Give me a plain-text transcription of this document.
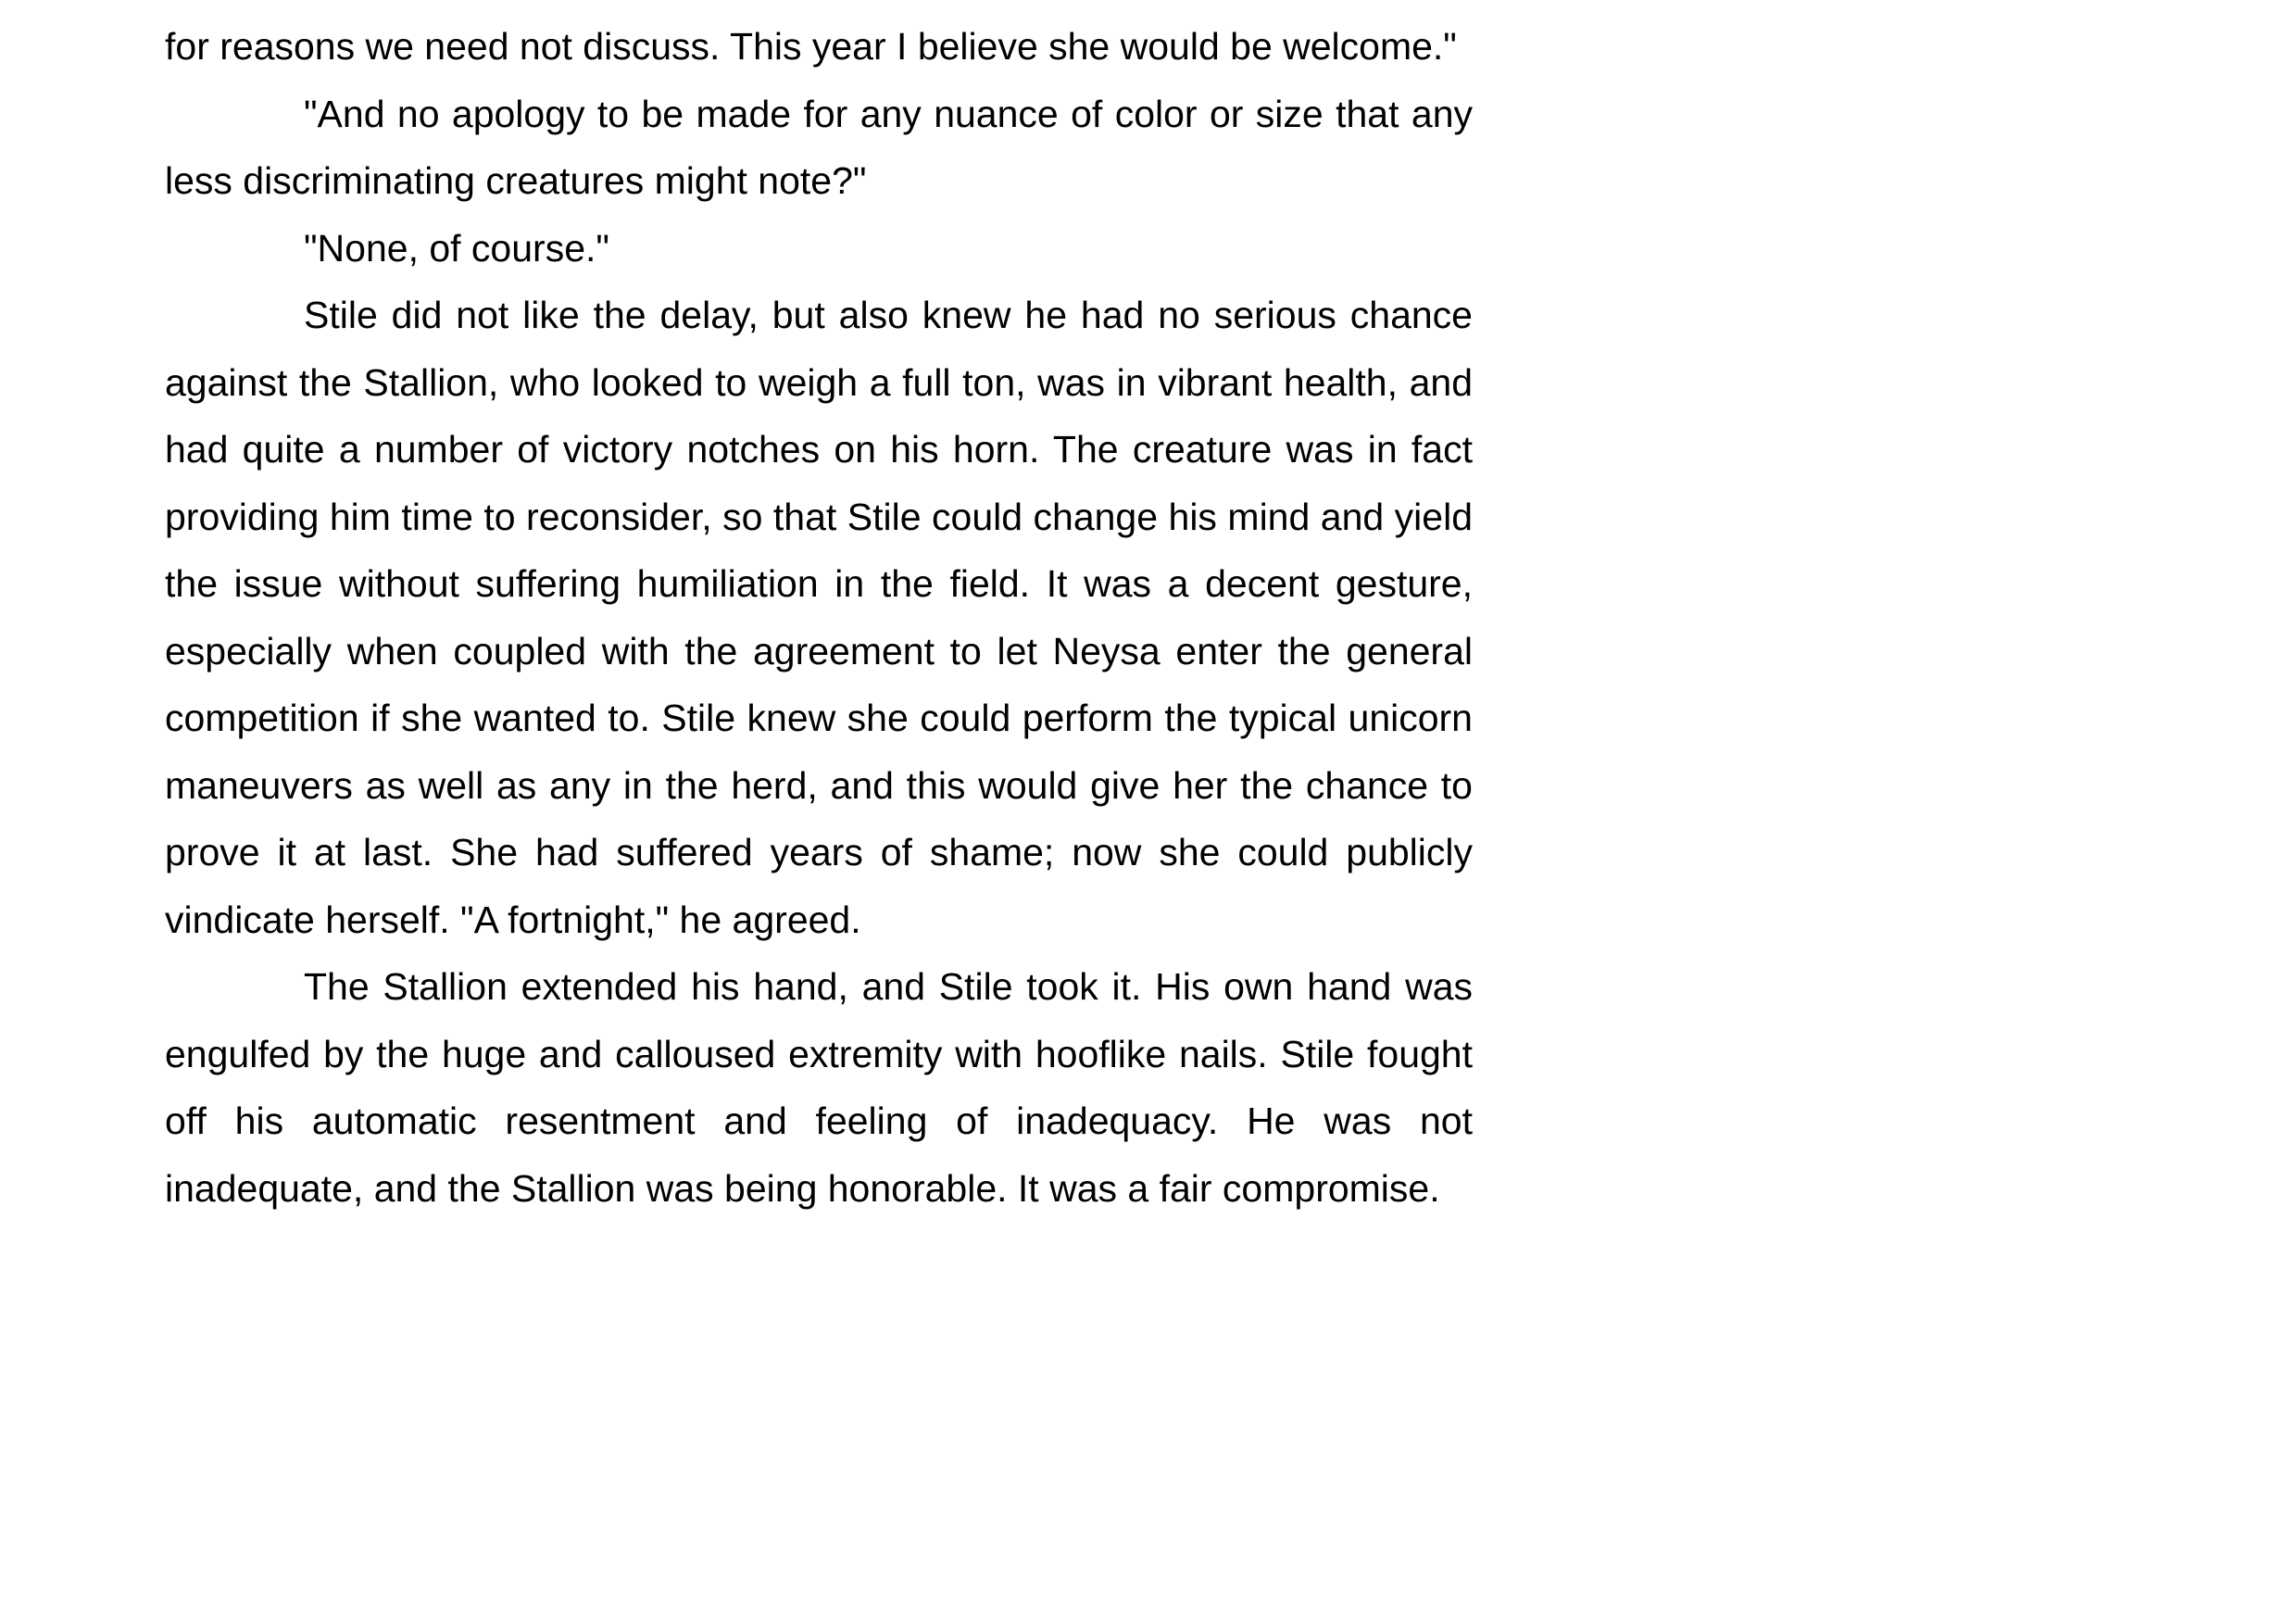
for reasons we need not discuss. This year I believe she would be welcome."

"And no apology to be made for any nuance of color or size that any less discriminating creatures might note?"

"None, of course."

Stile did not like the delay, but also knew he had no serious chance against the Stallion, who looked to weigh a full ton, was in vibrant health, and had quite a number of victory notches on his horn. The creature was in fact providing him time to reconsider, so that Stile could change his mind and yield the issue without suffering humiliation in the field. It was a decent gesture, especially when coupled with the agreement to let Neysa enter the general competition if she wanted to. Stile knew she could perform the typical unicorn maneuvers as well as any in the herd, and this would give her the chance to prove it at last. She had suffered years of shame; now she could publicly vindicate herself. "A fortnight," he agreed.

The Stallion extended his hand, and Stile took it. His own hand was engulfed by the huge and calloused extremity with hooflike nails. Stile fought off his automatic resentment and feeling of inadequacy. He was not inadequate, and the Stallion was being honorable. It was a fair compromise.
